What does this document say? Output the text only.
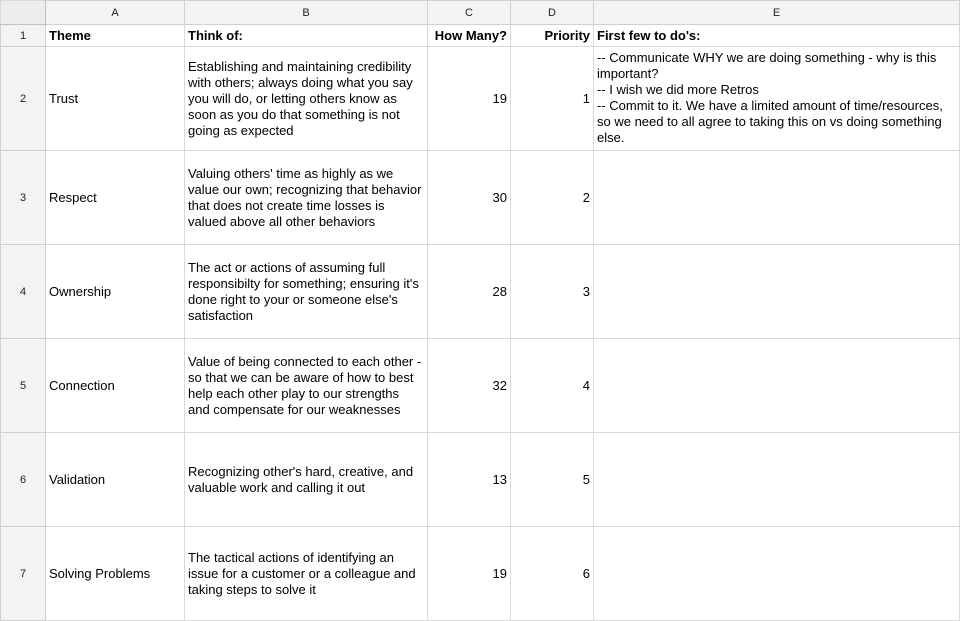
	A	B	C	D	E
1	Theme	Think of:	How Many?	Priority	First few to do's:
2	Trust	Establishing and maintaining credibility with others; always doing what you say you will do, or letting others know as soon as you do that something is not going as expected	19	1	-- Communicate WHY we are doing something - why is this important?
-- I wish we did more Retros
-- Commit to it. We have a limited amount of time/resources, so we need to all agree to taking this on vs doing something else.
3	Respect	Valuing others' time as highly as we value our own; recognizing that behavior that does not create time losses is valued above all other behaviors	30	2	
4	Ownership	The act or actions of assuming full responsibilty for something; ensuring it's done right to your or someone else's satisfaction	28	3	
5	Connection	Value of being connected to each other - so that we can be aware of how to best help each other play to our strengths and compensate for our weaknesses	32	4	
6	Validation	Recognizing other's hard, creative, and valuable work and calling it out	13	5	
7	Solving Problems	The tactical actions of identifying an issue for a customer or a colleague and taking steps to solve it	19	6	
